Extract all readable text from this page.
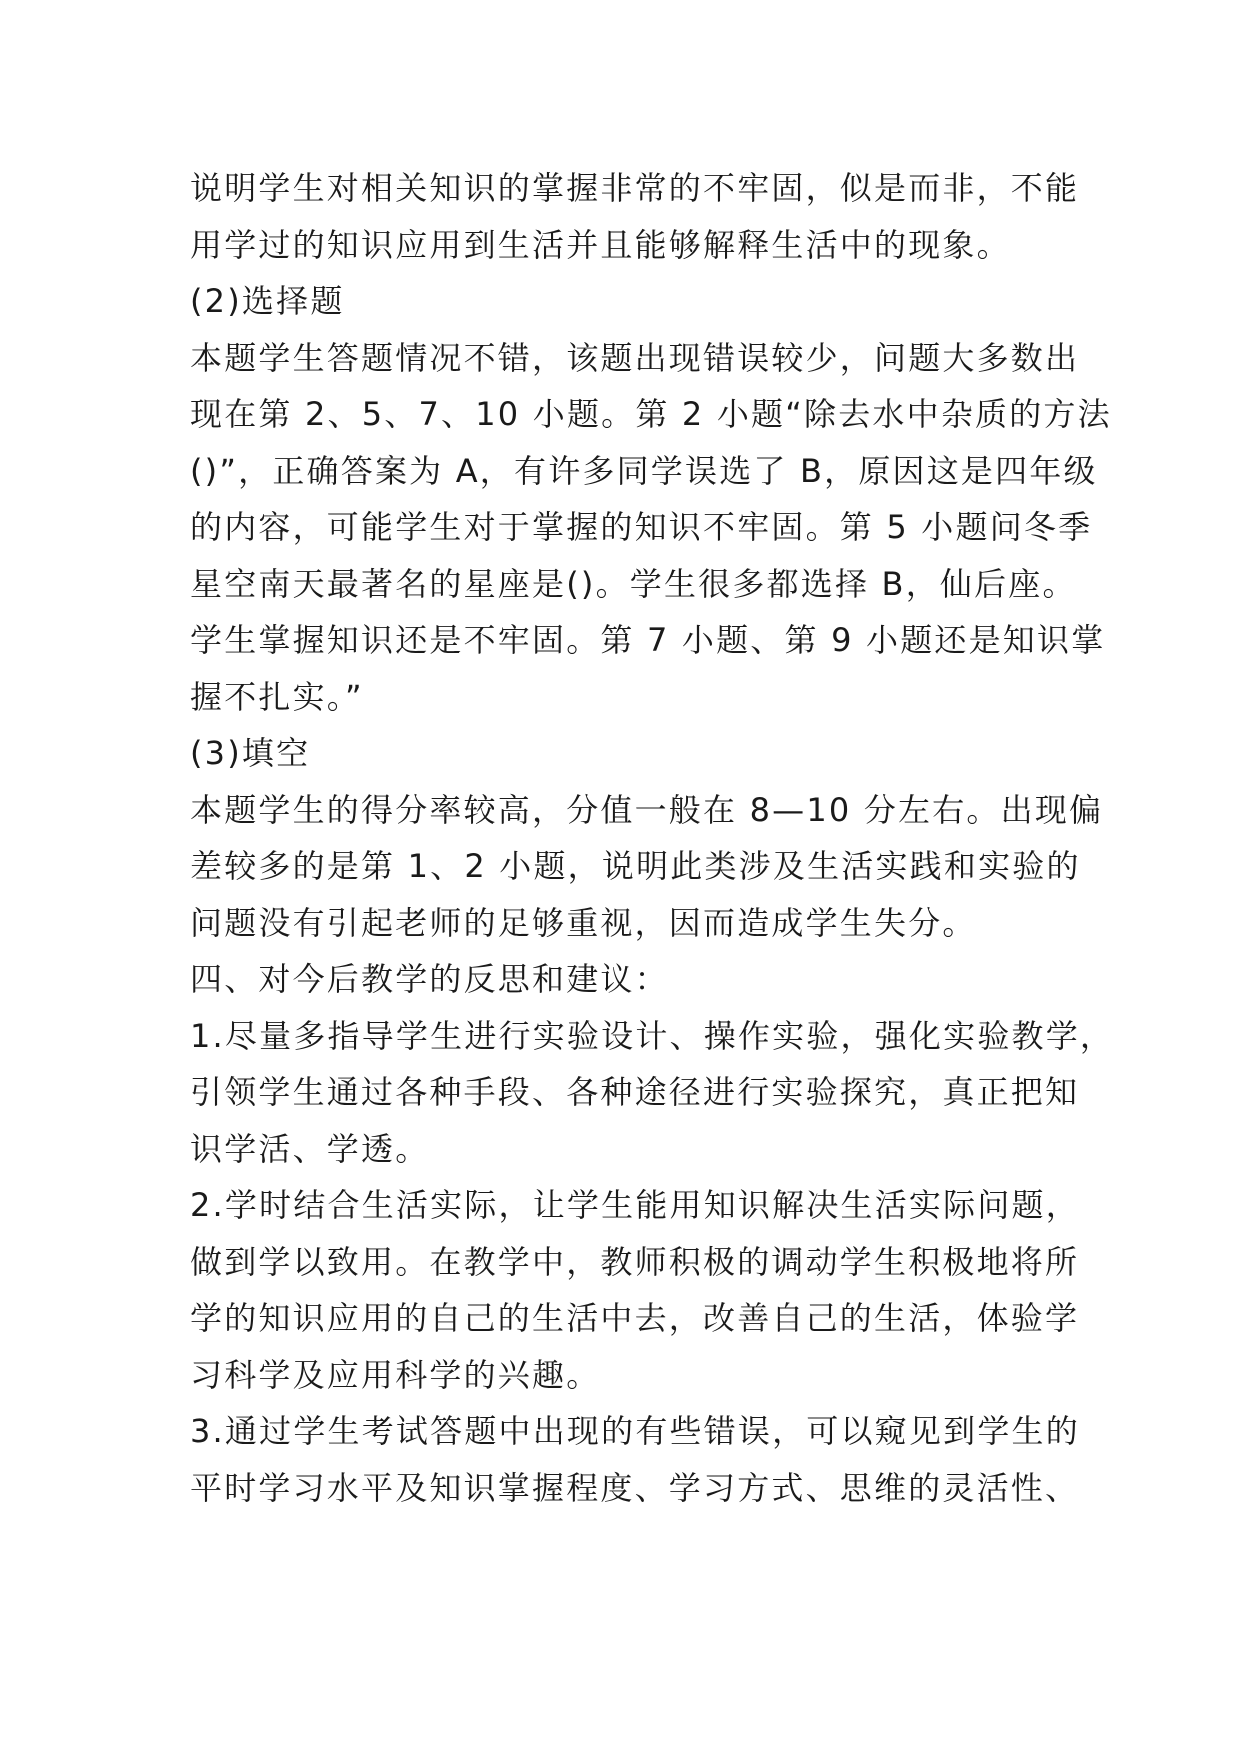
说明学生对相关知识的掌握非常的不牢固，似是而非，不能
用学过的知识应用到生活并且能够解释生活中的现象。
(2)选择题
本题学生答题情况不错，该题出现错误较少，问题大多数出
现在第 2、5、7、10 小题。第 2 小题“除去水中杂质的方法
()”，正确答案为 A，有许多同学误选了 B，原因这是四年级
的内容，可能学生对于掌握的知识不牢固。第 5 小题问冬季
星空南天最著名的星座是()。学生很多都选择 B，仙后座。
学生掌握知识还是不牢固。第 7 小题、第 9 小题还是知识掌
握不扎实。”
(3)填空
本题学生的得分率较高，分值一般在 8—10 分左右。出现偏
差较多的是第 1、2 小题，说明此类涉及生活实践和实验的
问题没有引起老师的足够重视，因而造成学生失分。
四、对今后教学的反思和建议：
1.尽量多指导学生进行实验设计、操作实验，强化实验教学，
引领学生通过各种手段、各种途径进行实验探究，真正把知
识学活、学透。
2.学时结合生活实际，让学生能用知识解决生活实际问题，
做到学以致用。在教学中，教师积极的调动学生积极地将所
学的知识应用的自己的生活中去，改善自己的生活，体验学
习科学及应用科学的兴趣。
3.通过学生考试答题中出现的有些错误，可以窥见到学生的
平时学习水平及知识掌握程度、学习方式、思维的灵活性、
